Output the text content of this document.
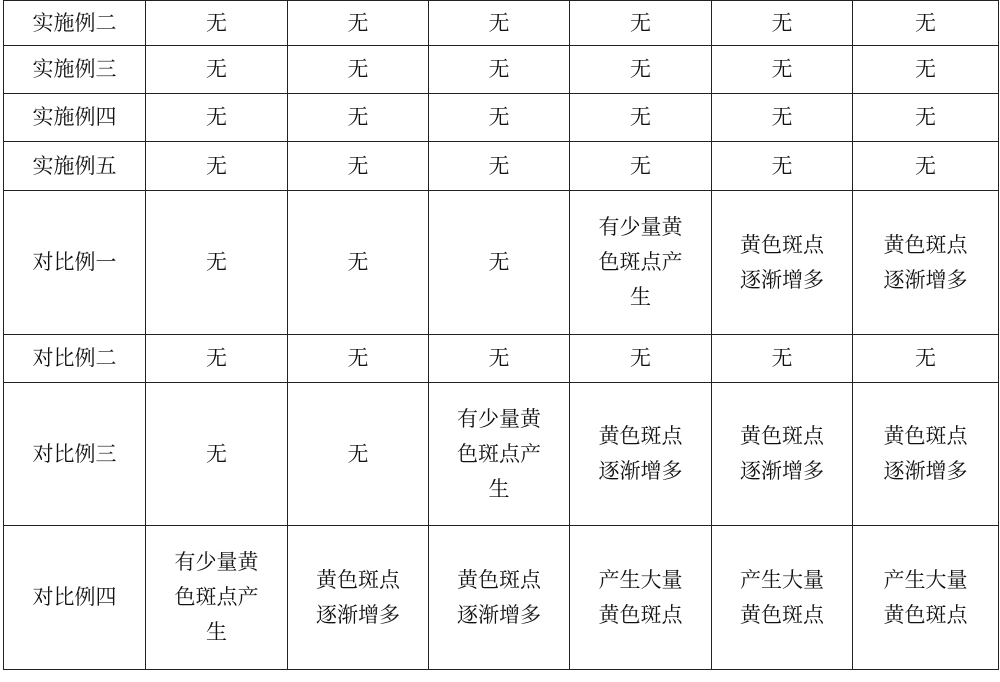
实施例二	无	无	无	无	无	无
实施例三	无	无	无	无	无	无
实施例四	无	无	无	无	无	无
实施例五	无	无	无	无	无	无
对比例一	无	无	无	有少量黄
色斑点产
生	黄色斑点
逐渐增多	黄色斑点
逐渐增多
对比例二	无	无	无	无	无	无
对比例三	无	无	有少量黄
色斑点产
生	黄色斑点
逐渐增多	黄色斑点
逐渐增多	黄色斑点
逐渐增多
对比例四	有少量黄
色斑点产
生	黄色斑点
逐渐增多	黄色斑点
逐渐增多	产生大量
黄色斑点	产生大量
黄色斑点	产生大量
黄色斑点
